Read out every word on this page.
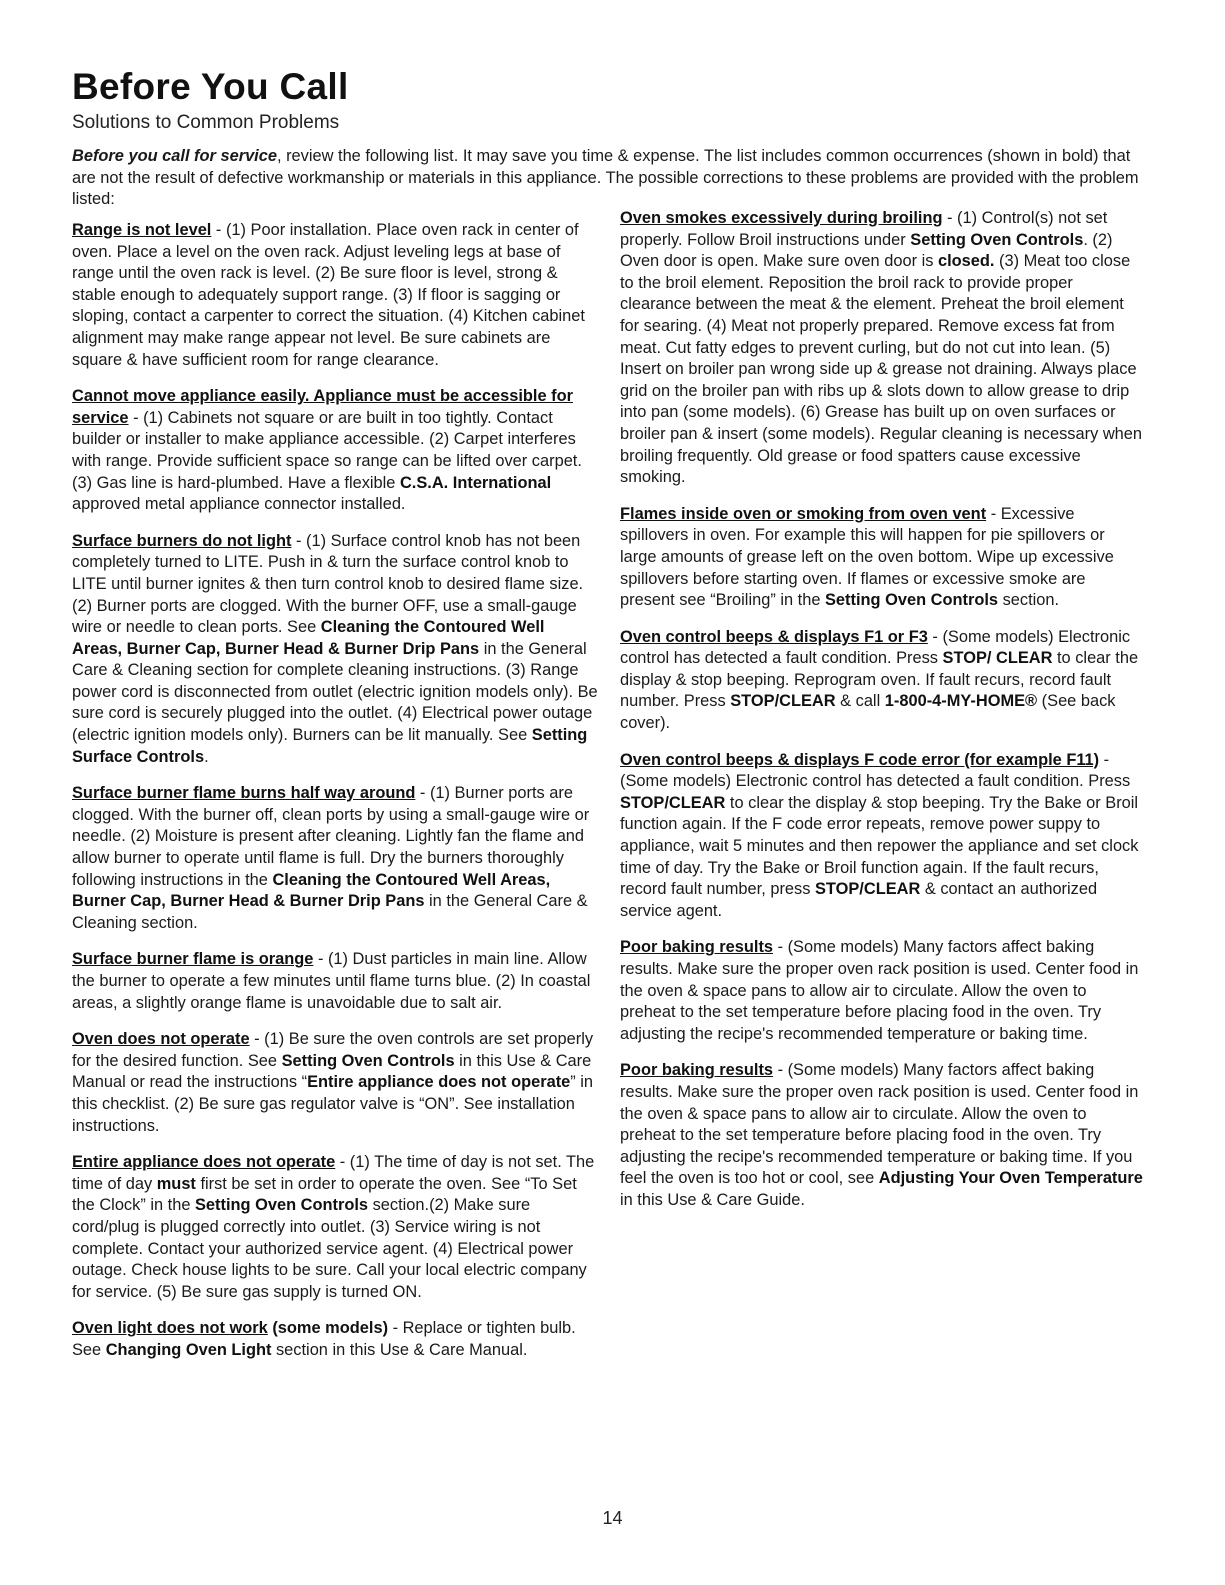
Before You Call
Solutions to Common Problems

Before you call for service, review the following list. It may save you time & expense. The list includes common occurrences (shown in bold) that are not the result of defective workmanship or materials in this appliance. The possible corrections to these problems are provided with the problem listed:

Range is not level - (1) Poor installation. Place oven rack in center of oven. Place a level on the oven rack. Adjust leveling legs at base of range until the oven rack is level. (2) Be sure floor is level, strong & stable enough to adequately support range. (3) If floor is sagging or sloping, contact a carpenter to correct the situation. (4) Kitchen cabinet alignment may make range appear not level. Be sure cabinets are square & have sufficient room for range clearance.

Cannot move appliance easily. Appliance must be accessible for service - (1) Cabinets not square or are built in too tightly. Contact builder or installer to make appliance accessible. (2) Carpet interferes with range. Provide sufficient space so range can be lifted over carpet. (3) Gas line is hard-plumbed. Have a flexible C.S.A. International approved metal appliance connector installed.

Surface burners do not light - (1) Surface control knob has not been completely turned to LITE. Push in & turn the surface control knob to LITE until burner ignites & then turn control knob to desired flame size. (2) Burner ports are clogged. With the burner OFF, use a small-gauge wire or needle to clean ports. See Cleaning the Contoured Well Areas, Burner Cap, Burner Head & Burner Drip Pans in the General Care & Cleaning section for complete cleaning instructions. (3) Range power cord is disconnected from outlet (electric ignition models only). Be sure cord is securely plugged into the outlet. (4) Electrical power outage (electric ignition models only). Burners can be lit manually. See Setting Surface Controls.

Surface burner flame burns half way around - (1) Burner ports are clogged. With the burner off, clean ports by using a small-gauge wire or needle. (2) Moisture is present after cleaning. Lightly fan the flame and allow burner to operate until flame is full. Dry the burners thoroughly following instructions in the Cleaning the Contoured Well Areas, Burner Cap, Burner Head & Burner Drip Pans in the General Care & Cleaning section.

Surface burner flame is orange - (1) Dust particles in main line. Allow the burner to operate a few minutes until flame turns blue. (2) In coastal areas, a slightly orange flame is unavoidable due to salt air.

Oven does not operate - (1) Be sure the oven controls are set properly for the desired function. See Setting Oven Controls in this Use & Care Manual or read the instructions “Entire appliance does not operate” in this checklist. (2) Be sure gas regulator valve is “ON”. See installation instructions.

Entire appliance does not operate - (1) The time of day is not set. The time of day must first be set in order to operate the oven. See “To Set the Clock” in the Setting Oven Controls section.(2) Make sure cord/plug is plugged correctly into outlet. (3) Service wiring is not complete. Contact your authorized service agent. (4) Electrical power outage. Check house lights to be sure. Call your local electric company for service. (5) Be sure gas supply is turned ON.

Oven light does not work (some models) - Replace or tighten bulb. See Changing Oven Light section in this Use & Care Manual.

Oven smokes excessively during broiling - (1) Control(s) not set properly. Follow Broil instructions under Setting Oven Controls. (2) Oven door is open. Make sure oven door is closed. (3) Meat too close to the broil element. Reposition the broil rack to provide proper clearance between the meat & the element. Preheat the broil element for searing. (4) Meat not properly prepared. Remove excess fat from meat. Cut fatty edges to prevent curling, but do not cut into lean. (5) Insert on broiler pan wrong side up & grease not draining. Always place grid on the broiler pan with ribs up & slots down to allow grease to drip into pan (some models). (6) Grease has built up on oven surfaces or broiler pan & insert (some models). Regular cleaning is necessary when broiling frequently. Old grease or food spatters cause excessive smoking.

Flames inside oven or smoking from oven vent - Excessive spillovers in oven. For example this will happen for pie spillovers or large amounts of grease left on the oven bottom. Wipe up excessive spillovers before starting oven. If flames or excessive smoke are present see “Broiling” in the Setting Oven Controls section.

Oven control beeps & displays F1 or F3 - (Some models) Electronic control has detected a fault condition. Press STOP/ CLEAR to clear the display & stop beeping. Reprogram oven. If fault recurs, record fault number. Press STOP/CLEAR & call 1-800-4-MY-HOME® (See back cover).

Oven control beeps & displays F code error (for example F11) - (Some models) Electronic control has detected a fault condition. Press STOP/CLEAR to clear the display & stop beeping. Try the Bake or Broil function again. If the F code error repeats, remove power suppy to appliance, wait 5 minutes and then repower the appliance and set clock time of day. Try the Bake or Broil function again. If the fault recurs, record fault number, press STOP/CLEAR & contact an authorized service agent.

Poor baking results - (Some models) Many factors affect baking results. Make sure the proper oven rack position is used. Center food in the oven & space pans to allow air to circulate. Allow the oven to preheat to the set temperature before placing food in the oven. Try adjusting the recipe's recommended temperature or baking time.

Poor baking results - (Some models) Many factors affect baking results. Make sure the proper oven rack position is used. Center food in the oven & space pans to allow air to circulate. Allow the oven to preheat to the set temperature before placing food in the oven. Try adjusting the recipe's recommended temperature or baking time. If you feel the oven is too hot or cool, see Adjusting Your Oven Temperature in this Use & Care Guide.

14
